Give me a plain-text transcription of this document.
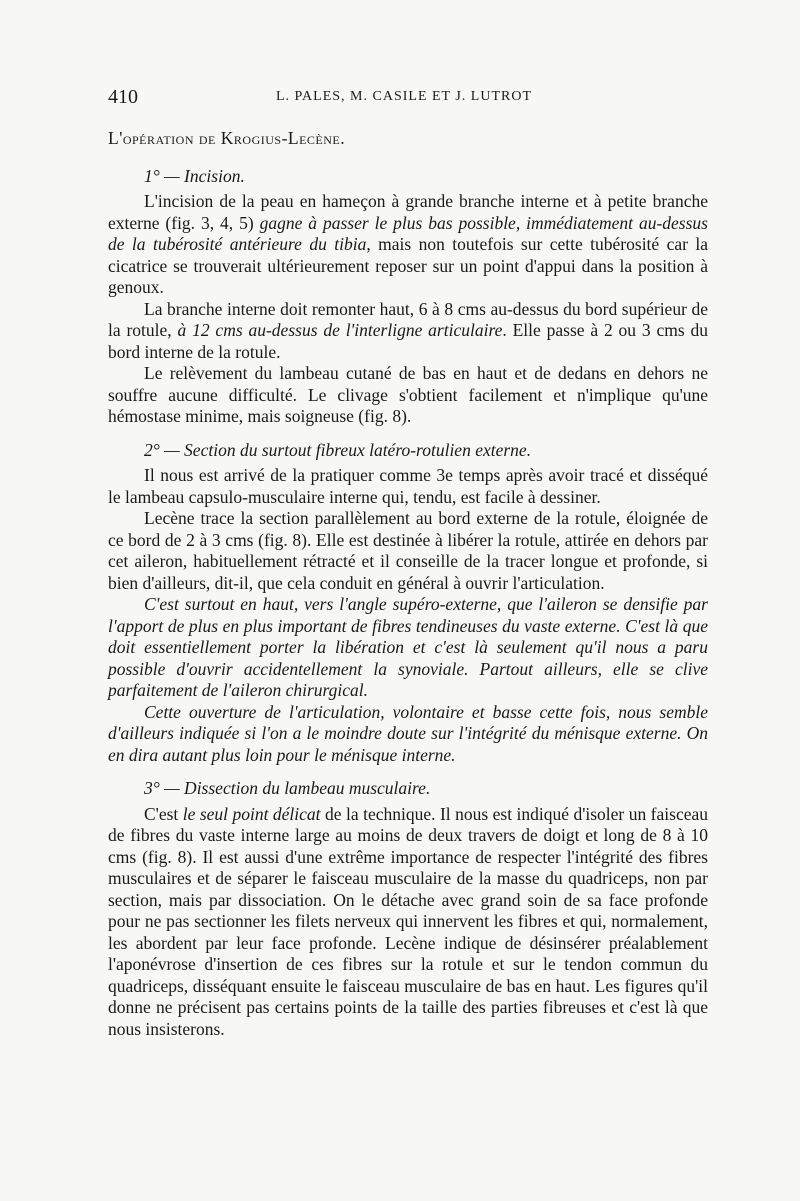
410	L. PALES, M. CASILE ET J. LUTROT

L'opération de Krogius-Lecène.

1° — Incision.

L'incision de la peau en hameçon à grande branche interne et à petite branche externe (fig. 3, 4, 5) gagne à passer le plus bas possible, immédiatement au-dessus de la tubérosité antérieure du tibia, mais non toutefois sur cette tubérosité car la cicatrice se trouverait ultérieurement reposer sur un point d'appui dans la position à genoux.

La branche interne doit remonter haut, 6 à 8 cms au-dessus du bord supérieur de la rotule, à 12 cms au-dessus de l'interligne articulaire. Elle passe à 2 ou 3 cms du bord interne de la rotule.

Le relèvement du lambeau cutané de bas en haut et de dedans en dehors ne souffre aucune difficulté. Le clivage s'obtient facilement et n'implique qu'une hémostase minime, mais soigneuse (fig. 8).

2° — Section du surtout fibreux latéro-rotulien externe.

Il nous est arrivé de la pratiquer comme 3e temps après avoir tracé et disséqué le lambeau capsulo-musculaire interne qui, tendu, est facile à dessiner.

Lecène trace la section parallèlement au bord externe de la rotule, éloignée de ce bord de 2 à 3 cms (fig. 8). Elle est destinée à libérer la rotule, attirée en dehors par cet aileron, habituellement rétracté et il conseille de la tracer longue et profonde, si bien d'ailleurs, dit-il, que cela conduit en général à ouvrir l'articulation.

C'est surtout en haut, vers l'angle supéro-externe, que l'aileron se densifie par l'apport de plus en plus important de fibres tendineuses du vaste externe. C'est là que doit essentiellement porter la libération et c'est là seulement qu'il nous a paru possible d'ouvrir accidentellement la synoviale. Partout ailleurs, elle se clive parfaitement de l'aileron chirurgical.

Cette ouverture de l'articulation, volontaire et basse cette fois, nous semble d'ailleurs indiquée si l'on a le moindre doute sur l'intégrité du ménisque externe. On en dira autant plus loin pour le ménisque interne.

3° — Dissection du lambeau musculaire.

C'est le seul point délicat de la technique. Il nous est indiqué d'isoler un faisceau de fibres du vaste interne large au moins de deux travers de doigt et long de 8 à 10 cms (fig. 8). Il est aussi d'une extrême importance de respecter l'intégrité des fibres musculaires et de séparer le faisceau musculaire de la masse du quadriceps, non par section, mais par dissociation. On le détache avec grand soin de sa face profonde pour ne pas sectionner les filets nerveux qui innervent les fibres et qui, normalement, les abordent par leur face profonde. Lecène indique de désinsérer préalablement l'aponévrose d'insertion de ces fibres sur la rotule et sur le tendon commun du quadriceps, disséquant ensuite le faisceau musculaire de bas en haut. Les figures qu'il donne ne précisent pas certains points de la taille des parties fibreuses et c'est là que nous insisterons.
